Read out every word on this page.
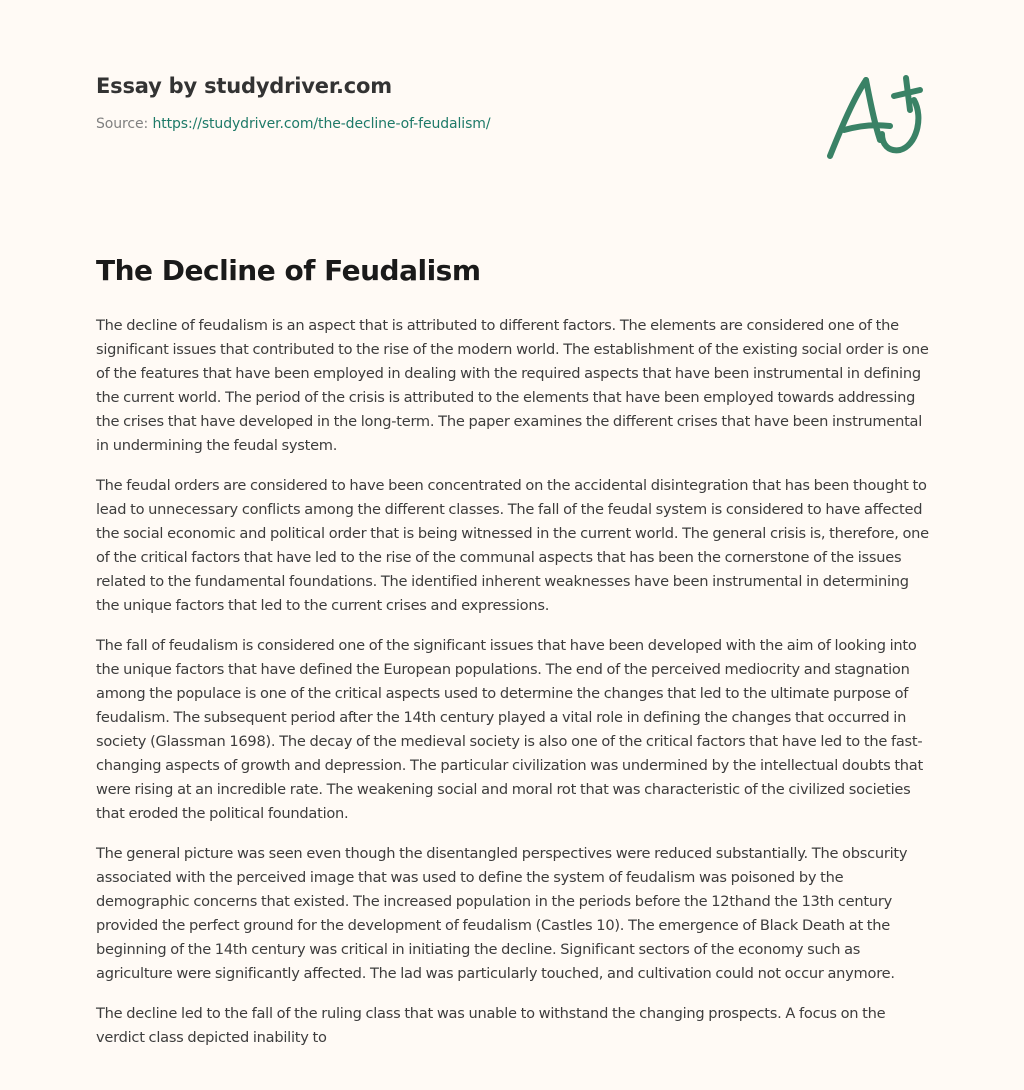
Essay by studydriver.com
Source: https://studydriver.com/the-decline-of-feudalism/
The Decline of Feudalism

The decline of feudalism is an aspect that is attributed to different factors. The elements are considered one of the significant issues that contributed to the rise of the modern world. The establishment of the existing social order is one of the features that have been employed in dealing with the required aspects that have been instrumental in defining the current world. The period of the crisis is attributed to the elements that have been employed towards addressing the crises that have developed in the long-term. The paper examines the different crises that have been instrumental in undermining the feudal system.

The feudal orders are considered to have been concentrated on the accidental disintegration that has been thought to lead to unnecessary conflicts among the different classes. The fall of the feudal system is considered to have affected the social economic and political order that is being witnessed in the current world. The general crisis is, therefore, one of the critical factors that have led to the rise of the communal aspects that has been the cornerstone of the issues related to the fundamental foundations. The identified inherent weaknesses have been instrumental in determining the unique factors that led to the current crises and expressions.

The fall of feudalism is considered one of the significant issues that have been developed with the aim of looking into the unique factors that have defined the European populations. The end of the perceived mediocrity and stagnation among the populace is one of the critical aspects used to determine the changes that led to the ultimate purpose of feudalism. The subsequent period after the 14th century played a vital role in defining the changes that occurred in society (Glassman 1698). The decay of the medieval society is also one of the critical factors that have led to the fast-changing aspects of growth and depression. The particular civilization was undermined by the intellectual doubts that were rising at an incredible rate. The weakening social and moral rot that was characteristic of the civilized societies that eroded the political foundation.

The general picture was seen even though the disentangled perspectives were reduced substantially. The obscurity associated with the perceived image that was used to define the system of feudalism was poisoned by the demographic concerns that existed. The increased population in the periods before the 12thand the 13th century provided the perfect ground for the development of feudalism (Castles 10). The emergence of Black Death at the beginning of the 14th century was critical in initiating the decline. Significant sectors of the economy such as agriculture were significantly affected. The lad was particularly touched, and cultivation could not occur anymore.

The decline led to the fall of the ruling class that was unable to withstand the changing prospects. A focus on the verdict class depicted inability to
